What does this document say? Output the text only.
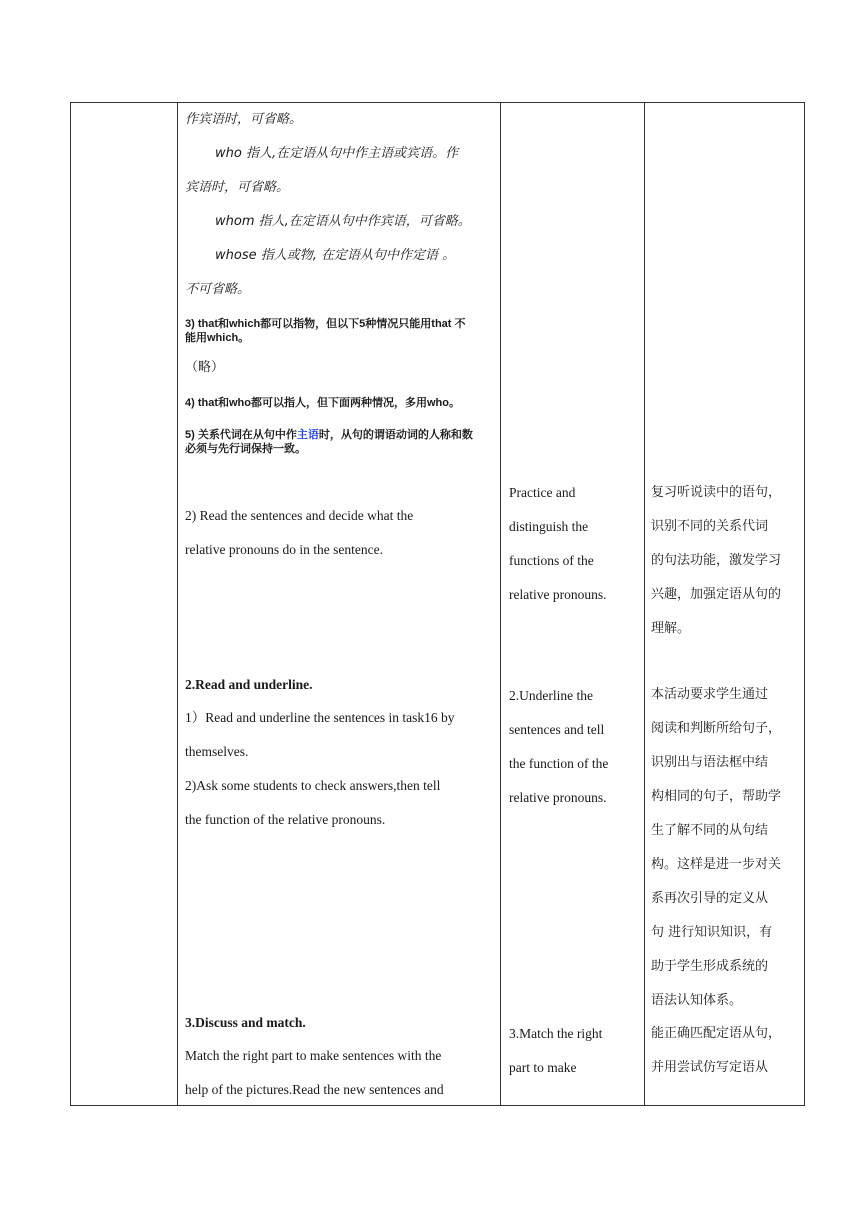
作宾语时，可省略。
who 指人,在定语从句中作主语或宾语。作
宾语时，可省略。
whom 指人,在定语从句中作宾语，可省略。
whose 指人或物, 在定语从句中作定语 。
不可省略。
3) that和which都可以指物，但以下5种情况只能用that 不
能用which。
（略）
4) that和who都可以指人，但下面两种情况，多用who。
5) 关系代词在从句中作主语时，从句的谓语动词的人称和数
必须与先行词保持一致。
2) Read the sentences and decide what the
relative pronouns do in the sentence.
2.Read and underline.
1）Read and underline the sentences in task16 by
themselves.
2)Ask some students to check answers,then tell
the function of the relative pronouns.
3.Discuss and match.
Match the right part to make sentences with the
help of the pictures.Read the new sentences and
Practice and
distinguish the
functions of the
relative pronouns.
2.Underline the
sentences and tell
the function of the
relative pronouns.
3.Match the right
part to make
复习听说读中的语句，
识别不同的关系代词
的句法功能，激发学习
兴趣，加强定语从句的
理解。
本活动要求学生通过
阅读和判断所给句子，
识别出与语法框中结
构相同的句子，帮助学
生了解不同的从句结
构。这样是进一步对关
系再次引导的定义从
句 进行知识知识，有
助于学生形成系统的
语法认知体系。
能正确匹配定语从句，
并用尝试仿写定语从
